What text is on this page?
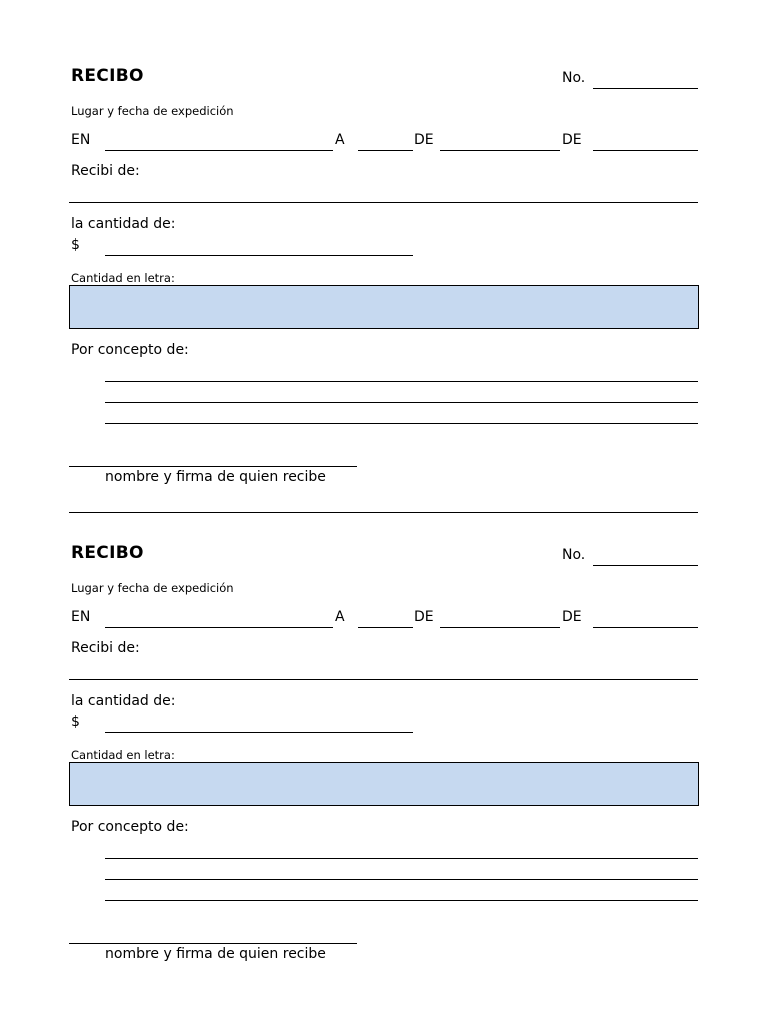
RECIBO	No.
Lugar y fecha de expedición
EN	A	DE	DE
Recibi de:
la cantidad de:
$
Cantidad en letra:
Por concepto de:
nombre y firma de quien recibe
RECIBO	No.
Lugar y fecha de expedición
EN	A	DE	DE
Recibi de:
la cantidad de:
$
Cantidad en letra:
Por concepto de:
nombre y firma de quien recibe
